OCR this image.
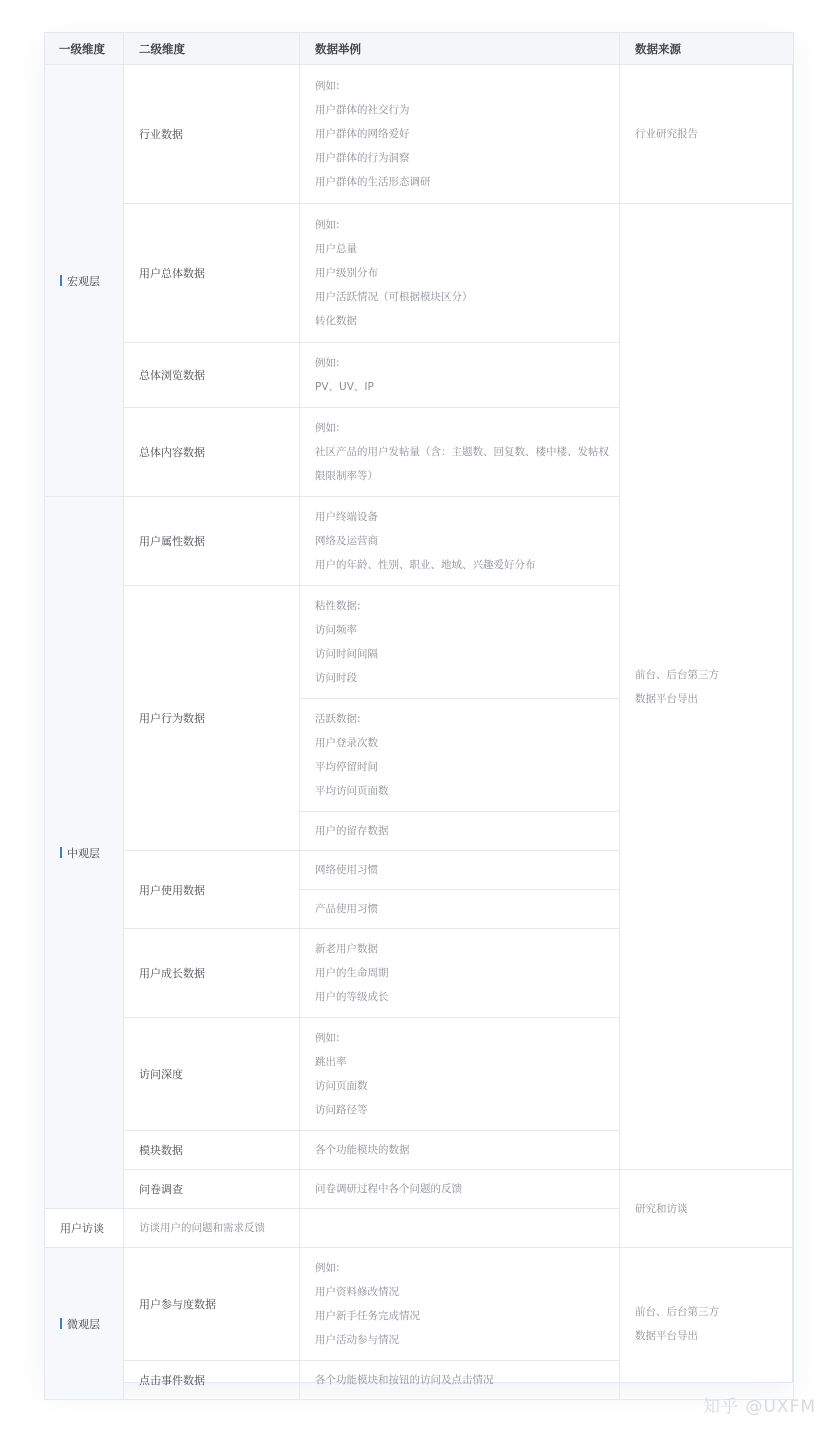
一级维度	二级维度	数据举例	数据来源
宏观层	行业数据	例如:
用户群体的社交行为
用户群体的网络爱好
用户群体的行为洞察
用户群体的生活形态调研	行业研究报告
	用户总体数据	例如:
用户总量
用户级别分布
用户活跃情况（可根据模块区分）
转化数据	前台、后台第三方
数据平台导出

	总体浏览数据	例如:
PV、UV、IP	

	总体内容数据	例如:
社区产品的用户发帖量（含：主题数、回复数、楼中楼、发帖权限限制率等）	

中观层	用户属性数据	用户终端设备
网络及运营商
用户的年龄、性别、职业、地域、兴趣爱好分布	

	用户行为数据	粘性数据:
访问频率
访问时间间隔
访问时段	

		活跃数据:
用户登录次数
平均停留时间
平均访问页面数	

		用户的留存数据	
	用户使用数据	网络使用习惯	
		产品使用习惯	
	用户成长数据	新老用户数据
用户的生命周期
用户的等级成长	

	访问深度	例如:
跳出率
访问页面数
访问路径等	

	模块数据	各个功能模块的数据	
	问卷调查	问卷调研过程中各个问题的反馈	研究和访谈
用户访谈	访谈用户的问题和需求反馈		
微观层	用户参与度数据	例如:
用户资料修改情况
用户新手任务完成情况
用户活动参与情况	前台、后台第三方
数据平台导出

	点击事件数据	各个功能模块和按钮的访问及点击情况	
知乎 @UXFM
